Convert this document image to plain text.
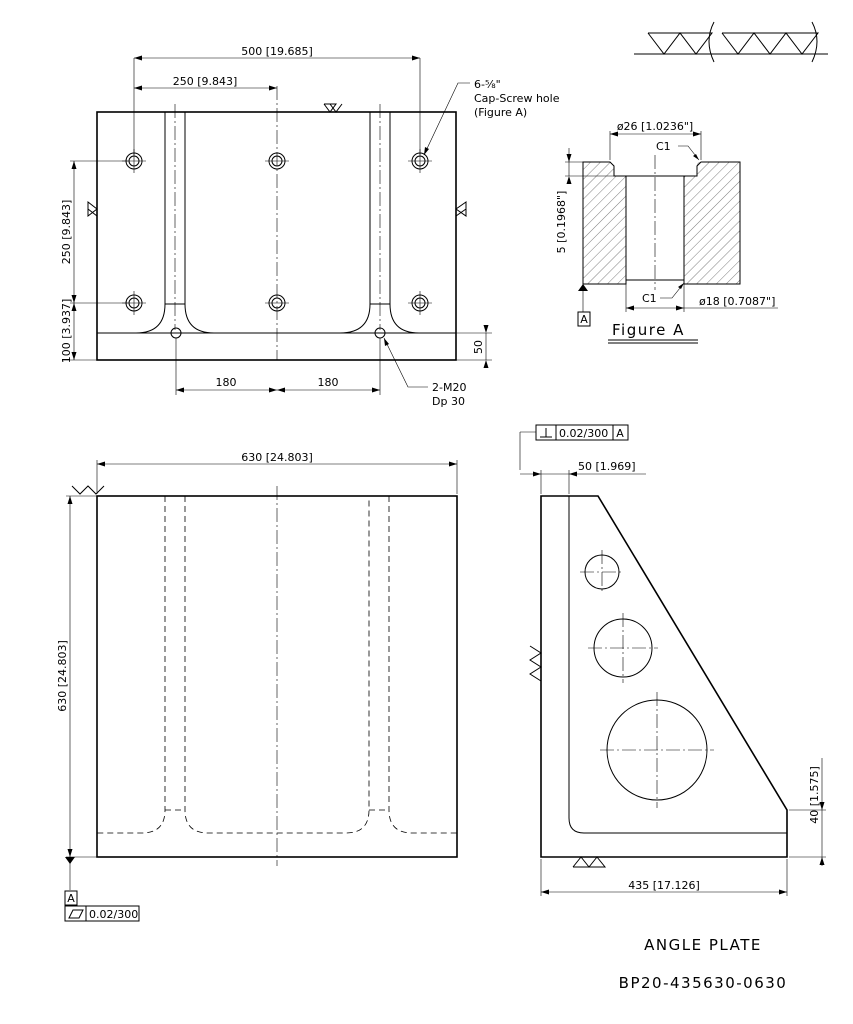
500 [19.685]
250 [9.843]
250 [9.843]
100 [3.937]	50
180	180
6-⅝"
Cap-Screw hole
(Figure A)
2-M20
Dp 30
ø26 [1.0236"]
C1
5 [0.1968"]
A
ø18 [0.7087"]
C1
Figure A
630 [24.803]
630 [24.803]
A
0.02/300
0.02/300 A
50 [1.969]
40 [1.575]
435 [17.126]
ANGLE PLATE
BP20-435630-0630
